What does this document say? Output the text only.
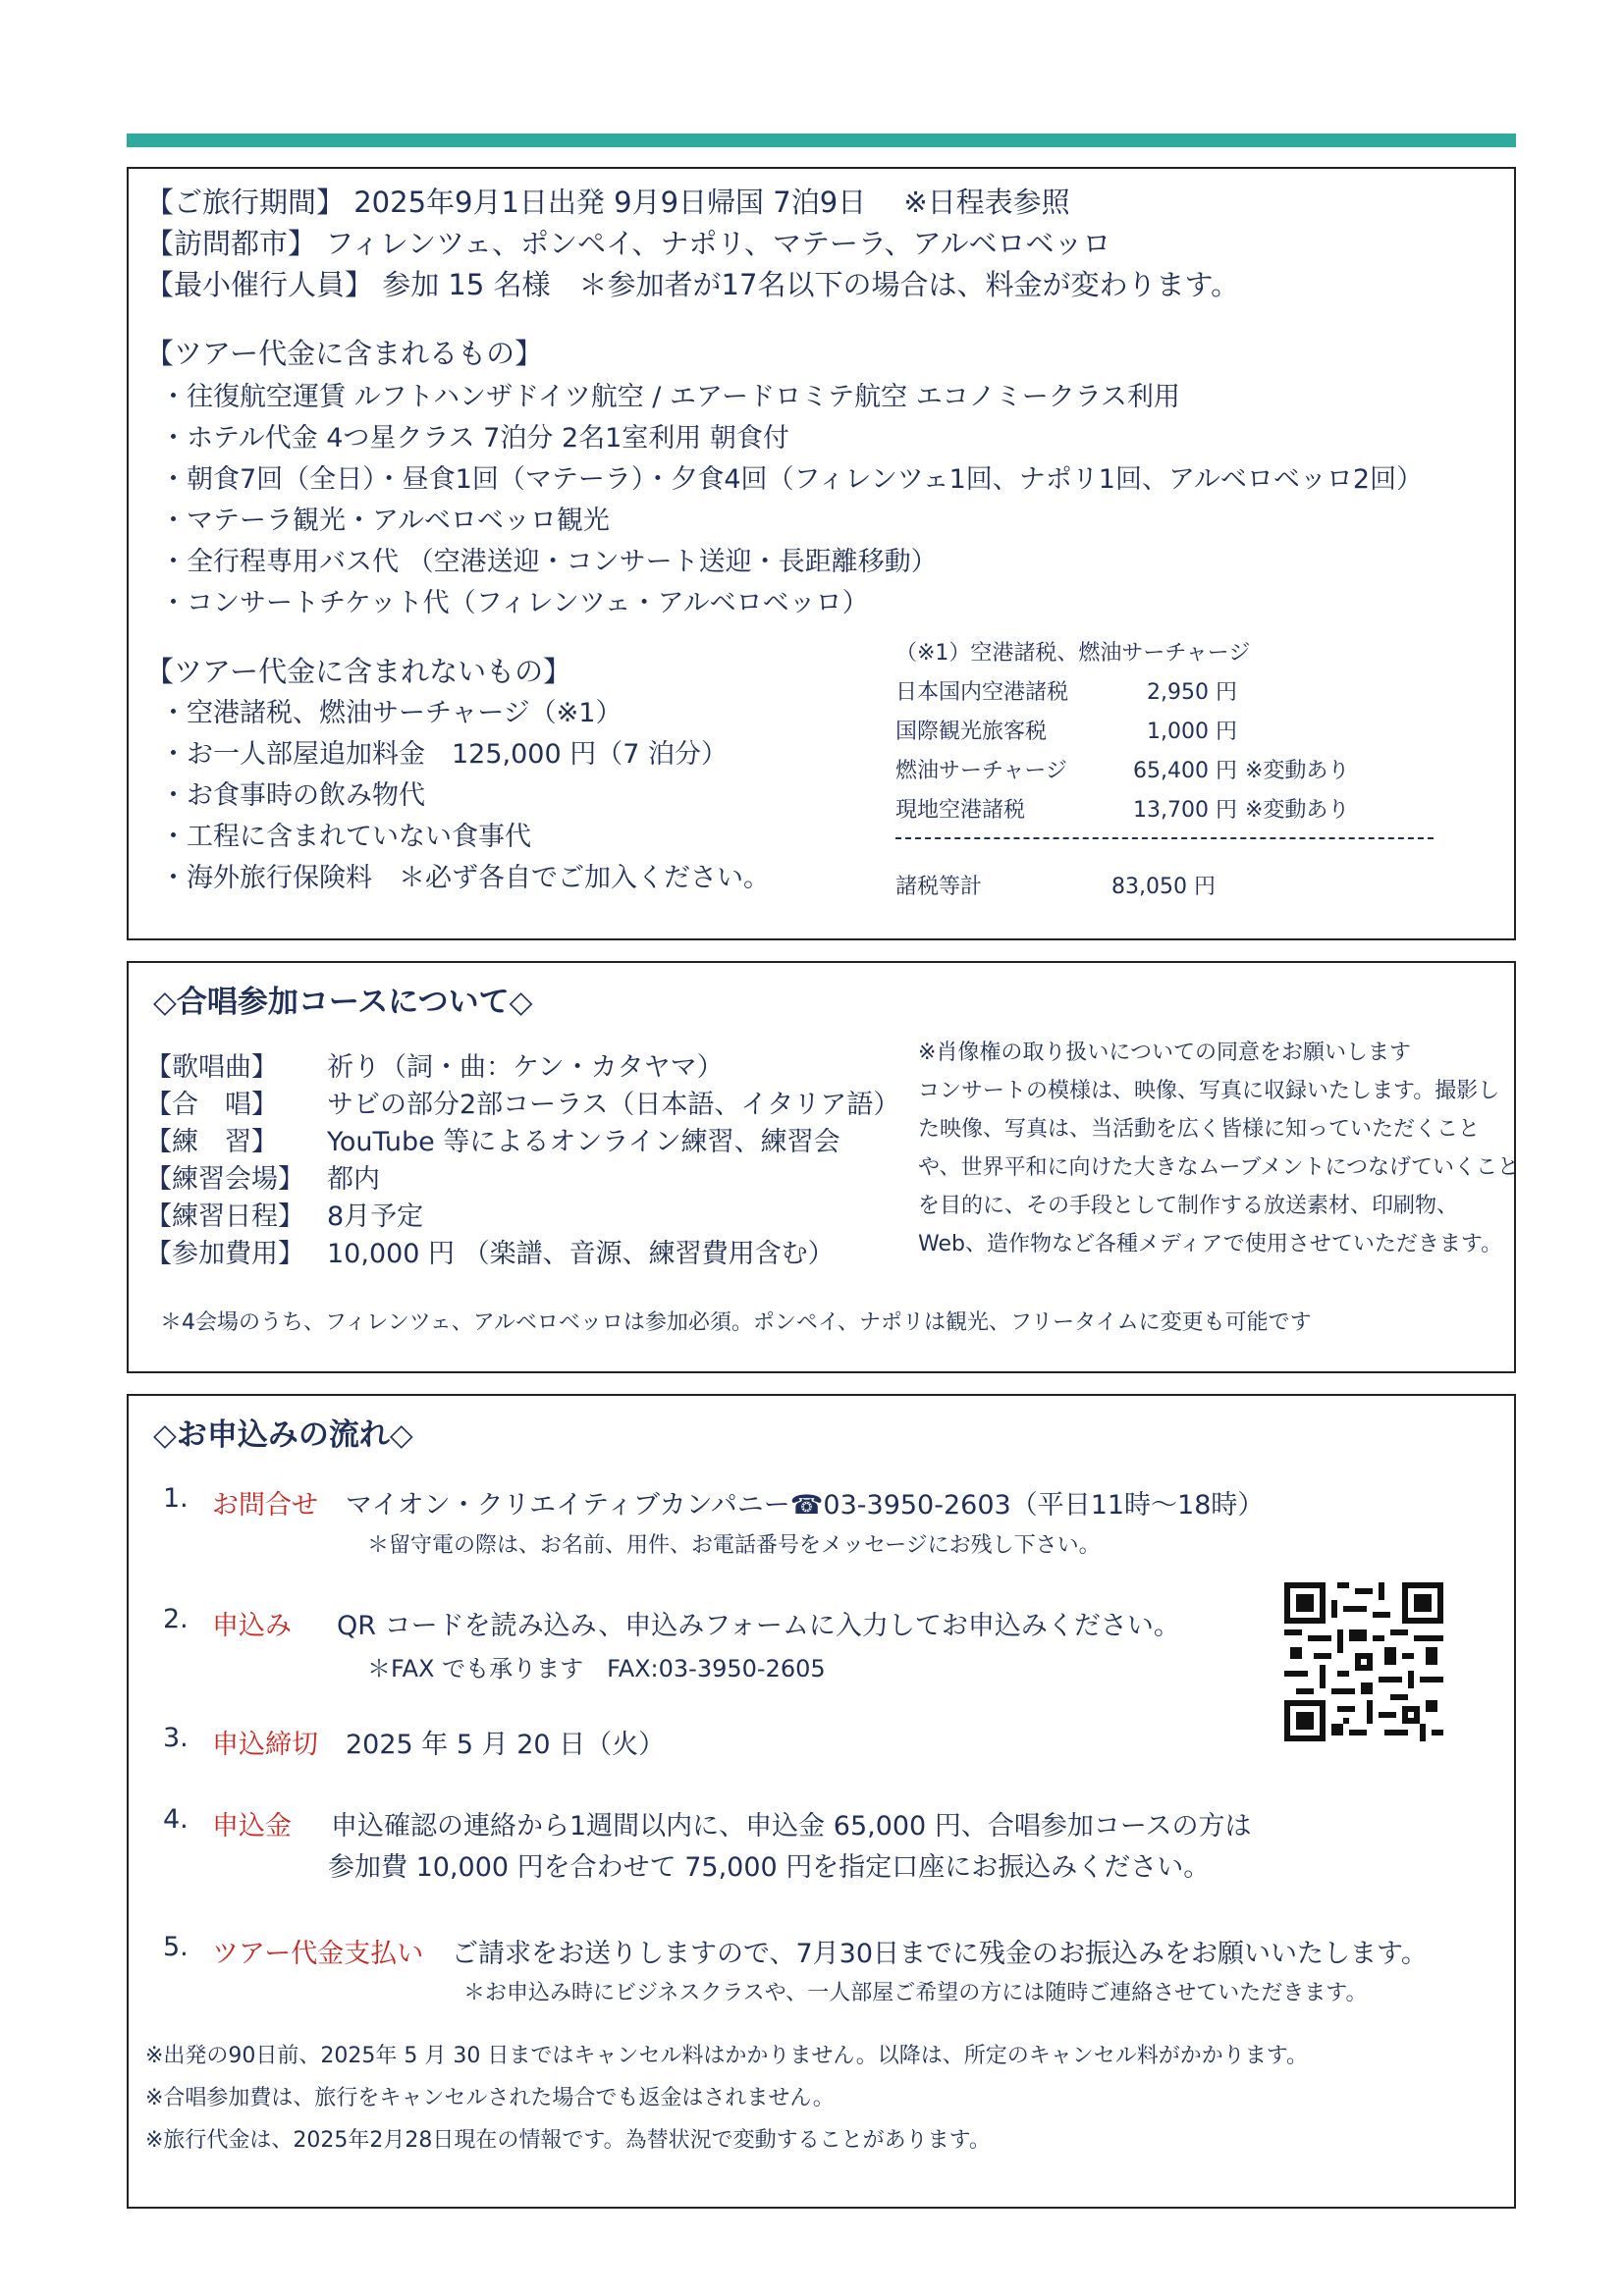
【ご旅行期間】 2025年9月1日出発 9月9日帰国 7泊9日　 ※日程表参照
【訪問都市】 フィレンツェ、ポンペイ、ナポリ、マテーラ、アルベロベッロ
【最小催行人員】 参加 15 名様　＊参加者が17名以下の場合は、料金が変わります。
【ツアー代金に含まれるもの】
・往復航空運賃 ルフトハンザドイツ航空 / エアードロミテ航空 エコノミークラス利用
・ホテル代金 4つ星クラス 7泊分 2名1室利用 朝食付
・朝食7回（全日）・昼食1回（マテーラ）・夕食4回（フィレンツェ1回、ナポリ1回、アルベロベッロ2回）
・マテーラ観光・アルベロベッロ観光
・全行程専用バス代 （空港送迎・コンサート送迎・長距離移動）
・コンサートチケット代（フィレンツェ・アルベロベッロ）
【ツアー代金に含まれないもの】
・空港諸税、燃油サーチャージ（※1）
・お一人部屋追加料金　125,000 円（7 泊分）
・お食事時の飲み物代
・工程に含まれていない食事代
・海外旅行保険料　＊必ず各自でご加入ください。
（※1）空港諸税、燃油サーチャージ
日本国内空港諸税	2,950 円
国際観光旅客税	1,000 円
燃油サーチャージ	65,400 円 ※変動あり
現地空港諸税	13,700 円 ※変動あり
諸税等計	83,050 円
◇合唱参加コースについて◇
【歌唱曲】 祈り（詞・曲：ケン・カタヤマ）
【合　唱】 サビの部分2部コーラス（日本語、イタリア語）
【練　習】 YouTube 等によるオンライン練習、練習会
【練習会場】 都内
【練習日程】 8月予定
【参加費用】 10,000 円 （楽譜、音源、練習費用含む）
※肖像権の取り扱いについての同意をお願いします
コンサートの模様は、映像、写真に収録いたします。撮影し
た映像、写真は、当活動を広く皆様に知っていただくこと
や、世界平和に向けた大きなムーブメントにつなげていくこと
を目的に、その手段として制作する放送素材、印刷物、
Web、造作物など各種メディアで使用させていただきます。
＊4会場のうち、フィレンツェ、アルベロベッロは参加必須。ポンペイ、ナポリは観光、フリータイムに変更も可能です
◇お申込みの流れ◇
1. お問合せ マイオン・クリエイティブカンパニー☎03-3950-2603（平日11時～18時）
＊留守電の際は、お名前、用件、お電話番号をメッセージにお残し下さい。
2. 申込み QR コードを読み込み、申込みフォームに入力してお申込みください。
＊FAX でも承ります　FAX:03-3950-2605
3. 申込締切 2025 年 5 月 20 日（火）
4. 申込金 申込確認の連絡から1週間以内に、申込金 65,000 円、合唱参加コースの方は
参加費 10,000 円を合わせて 75,000 円を指定口座にお振込みください。
5. ツアー代金支払い ご請求をお送りしますので、7月30日までに残金のお振込みをお願いいたします。
＊お申込み時にビジネスクラスや、一人部屋ご希望の方には随時ご連絡させていただきます。
※出発の90日前、2025年 5 月 30 日まではキャンセル料はかかりません。以降は、所定のキャンセル料がかかります。
※合唱参加費は、旅行をキャンセルされた場合でも返金はされません。
※旅行代金は、2025年2月28日現在の情報です。為替状況で変動することがあります。
